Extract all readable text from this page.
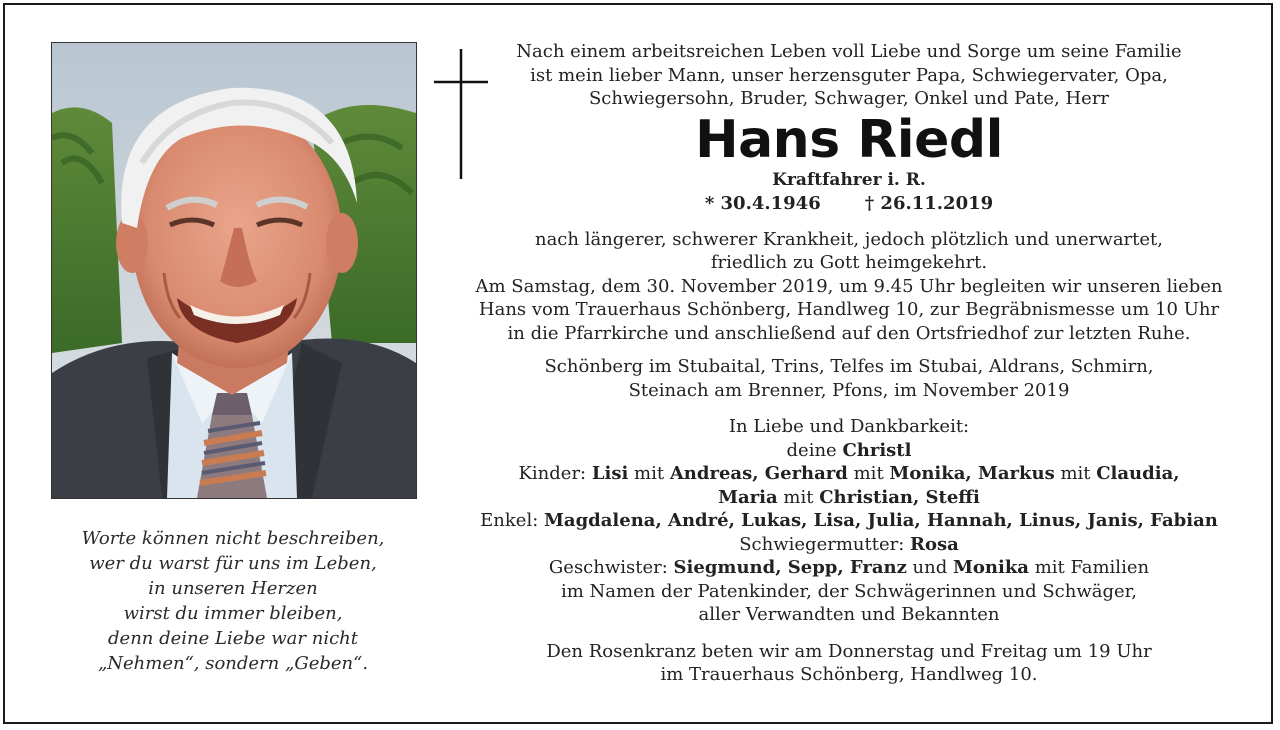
Worte können nicht beschreiben,
wer du warst für uns im Leben,
in unseren Herzen
wirst du immer bleiben,
denn deine Liebe war nicht
„Nehmen“, sondern „Geben“.
Nach einem arbeitsreichen Leben voll Liebe und Sorge um seine Familie
ist mein lieber Mann, unser herzensguter Papa, Schwiegervater, Opa,
Schwiegersohn, Bruder, Schwager, Onkel und Pate, Herr
Hans Riedl
Kraftfahrer i. R.
* 30.4.1946 † 26.11.2019
nach längerer, schwerer Krankheit, jedoch plötzlich und unerwartet,
friedlich zu Gott heimgekehrt.
Am Samstag, dem 30. November 2019, um 9.45 Uhr begleiten wir unseren lieben
Hans vom Trauerhaus Schönberg, Handlweg 10, zur Begräbnismesse um 10 Uhr
in die Pfarrkirche und anschließend auf den Ortsfriedhof zur letzten Ruhe.
Schönberg im Stubaital, Trins, Telfes im Stubai, Aldrans, Schmirn,
Steinach am Brenner, Pfons, im November 2019
In Liebe und Dankbarkeit:
deine Christl
Kinder: Lisi mit Andreas, Gerhard mit Monika, Markus mit Claudia,
Maria mit Christian, Steffi
Enkel: Magdalena, André, Lukas, Lisa, Julia, Hannah, Linus, Janis, Fabian
Schwiegermutter: Rosa
Geschwister: Siegmund, Sepp, Franz und Monika mit Familien
im Namen der Patenkinder, der Schwägerinnen und Schwäger,
aller Verwandten und Bekannten
Den Rosenkranz beten wir am Donnerstag und Freitag um 19 Uhr
im Trauerhaus Schönberg, Handlweg 10.
